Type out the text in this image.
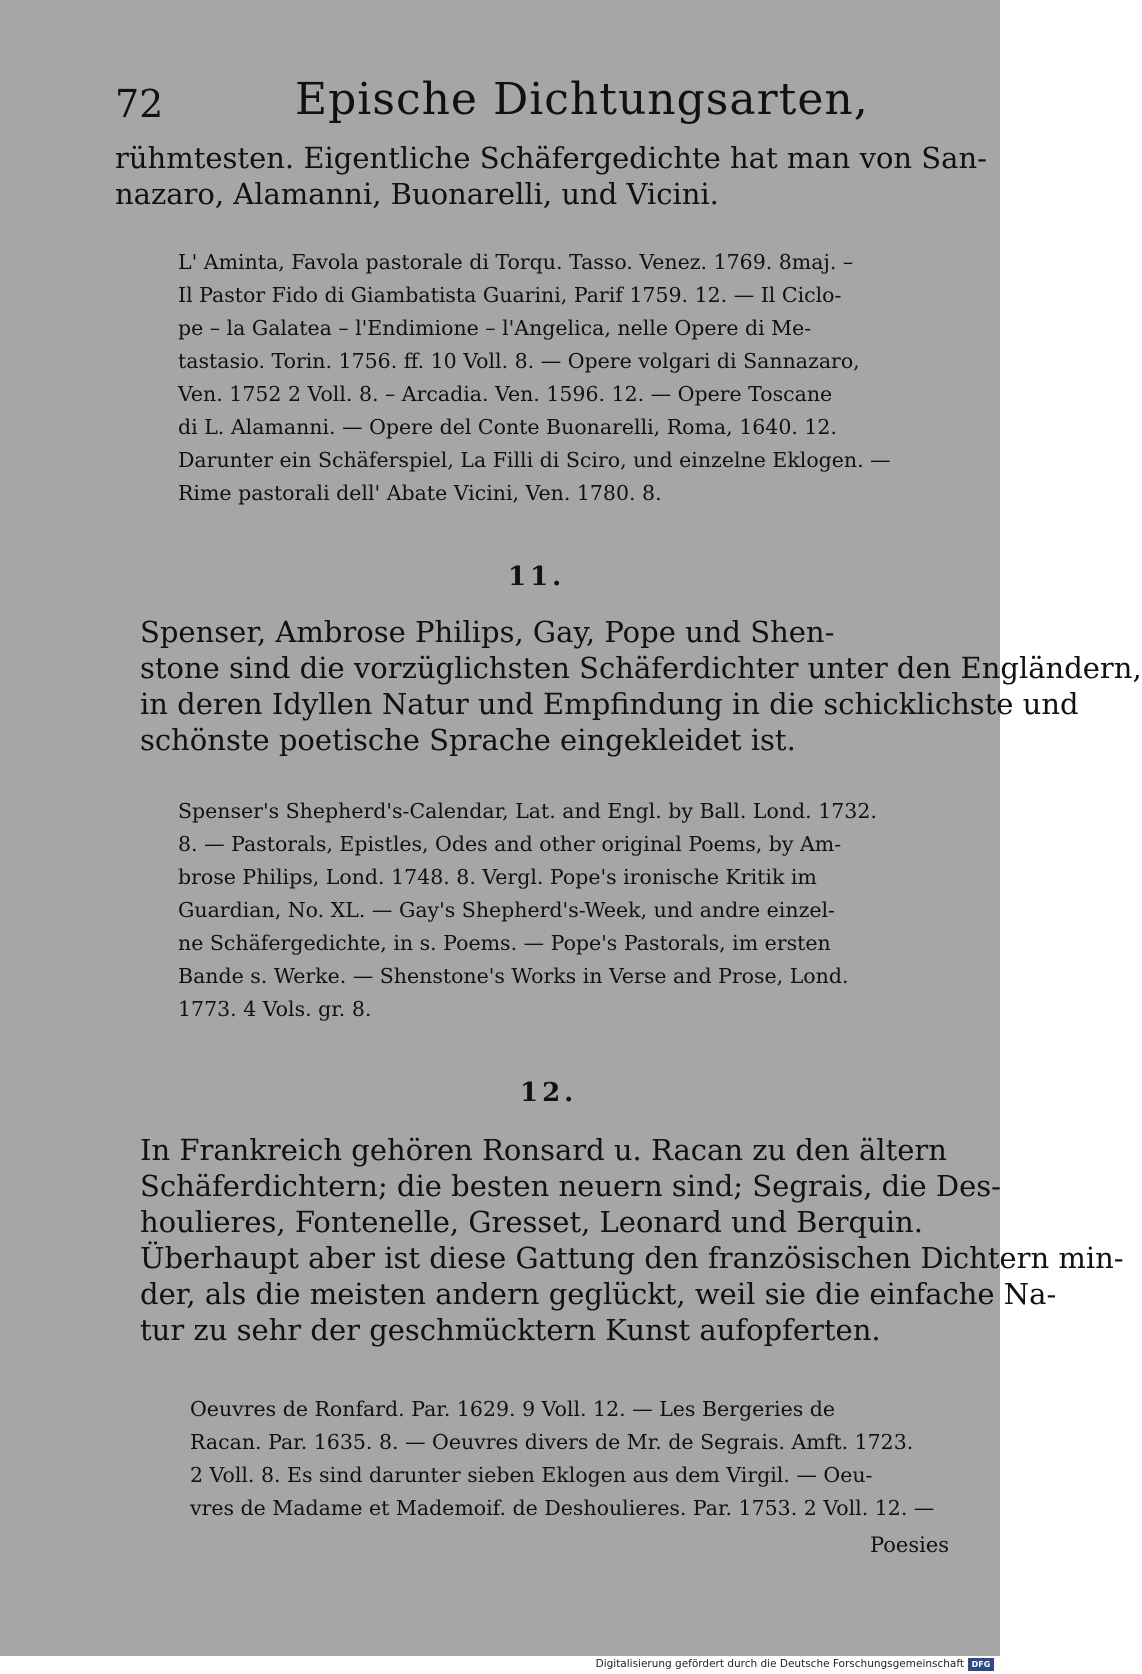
72	Epische Dichtungsarten,
rühmtesten. Eigentliche Schäfergedichte hat man von San-
nazaro, Alamanni, Buonarelli, und Vicini.
L' Aminta, Favola pastorale di Torqu. Tasso. Venez. 1769. 8maj. –
Il Pastor Fido di Giambatista Guarini, Parif 1759. 12. — Il Ciclo-
pe – la Galatea – l'Endimione – l'Angelica, nelle Opere di Me-
tastasio. Torin. 1756. ff. 10 Voll. 8. — Opere volgari di Sannazaro,
Ven. 1752 2 Voll. 8. – Arcadia. Ven. 1596. 12. — Opere Toscane
di L. Alamanni. — Opere del Conte Buonarelli, Roma, 1640. 12.
Darunter ein Schäferspiel, La Filli di Sciro, und einzelne Eklogen. —
Rime pastorali dell' Abate Vicini, Ven. 1780. 8.
11.
Spenser, Ambrose Philips, Gay, Pope und Shen-
stone sind die vorzüglichsten Schäferdichter unter den Engländern,
in deren Idyllen Natur und Empfindung in die schicklichste und
schönste poetische Sprache eingekleidet ist.
Spenser's Shepherd's-Calendar, Lat. and Engl. by Ball. Lond. 1732.
8. — Pastorals, Epistles, Odes and other original Poems, by Am-
brose Philips, Lond. 1748. 8. Vergl. Pope's ironische Kritik im
Guardian, No. XL. — Gay's Shepherd's-Week, und andre einzel-
ne Schäfergedichte, in s. Poems. — Pope's Pastorals, im ersten
Bande s. Werke. — Shenstone's Works in Verse and Prose, Lond.
1773. 4 Vols. gr. 8.
12.
In Frankreich gehören Ronsard u. Racan zu den ältern
Schäferdichtern; die besten neuern sind; Segrais, die Des-
houlieres, Fontenelle, Gresset, Leonard und Berquin.
Überhaupt aber ist diese Gattung den französischen Dichtern min-
der, als die meisten andern geglückt, weil sie die einfache Na-
tur zu sehr der geschmücktern Kunst aufopferten.
Oeuvres de Ronfard. Par. 1629. 9 Voll. 12. — Les Bergeries de
Racan. Par. 1635. 8. — Oeuvres divers de Mr. de Segrais. Amft. 1723.
2 Voll. 8. Es sind darunter sieben Eklogen aus dem Virgil. — Oeu-
vres de Madame et Mademoif. de Deshoulieres. Par. 1753. 2 Voll. 12. —
Poesies
Digitalisierung gefördert durch die Deutsche Forschungsgemeinschaft DFG
